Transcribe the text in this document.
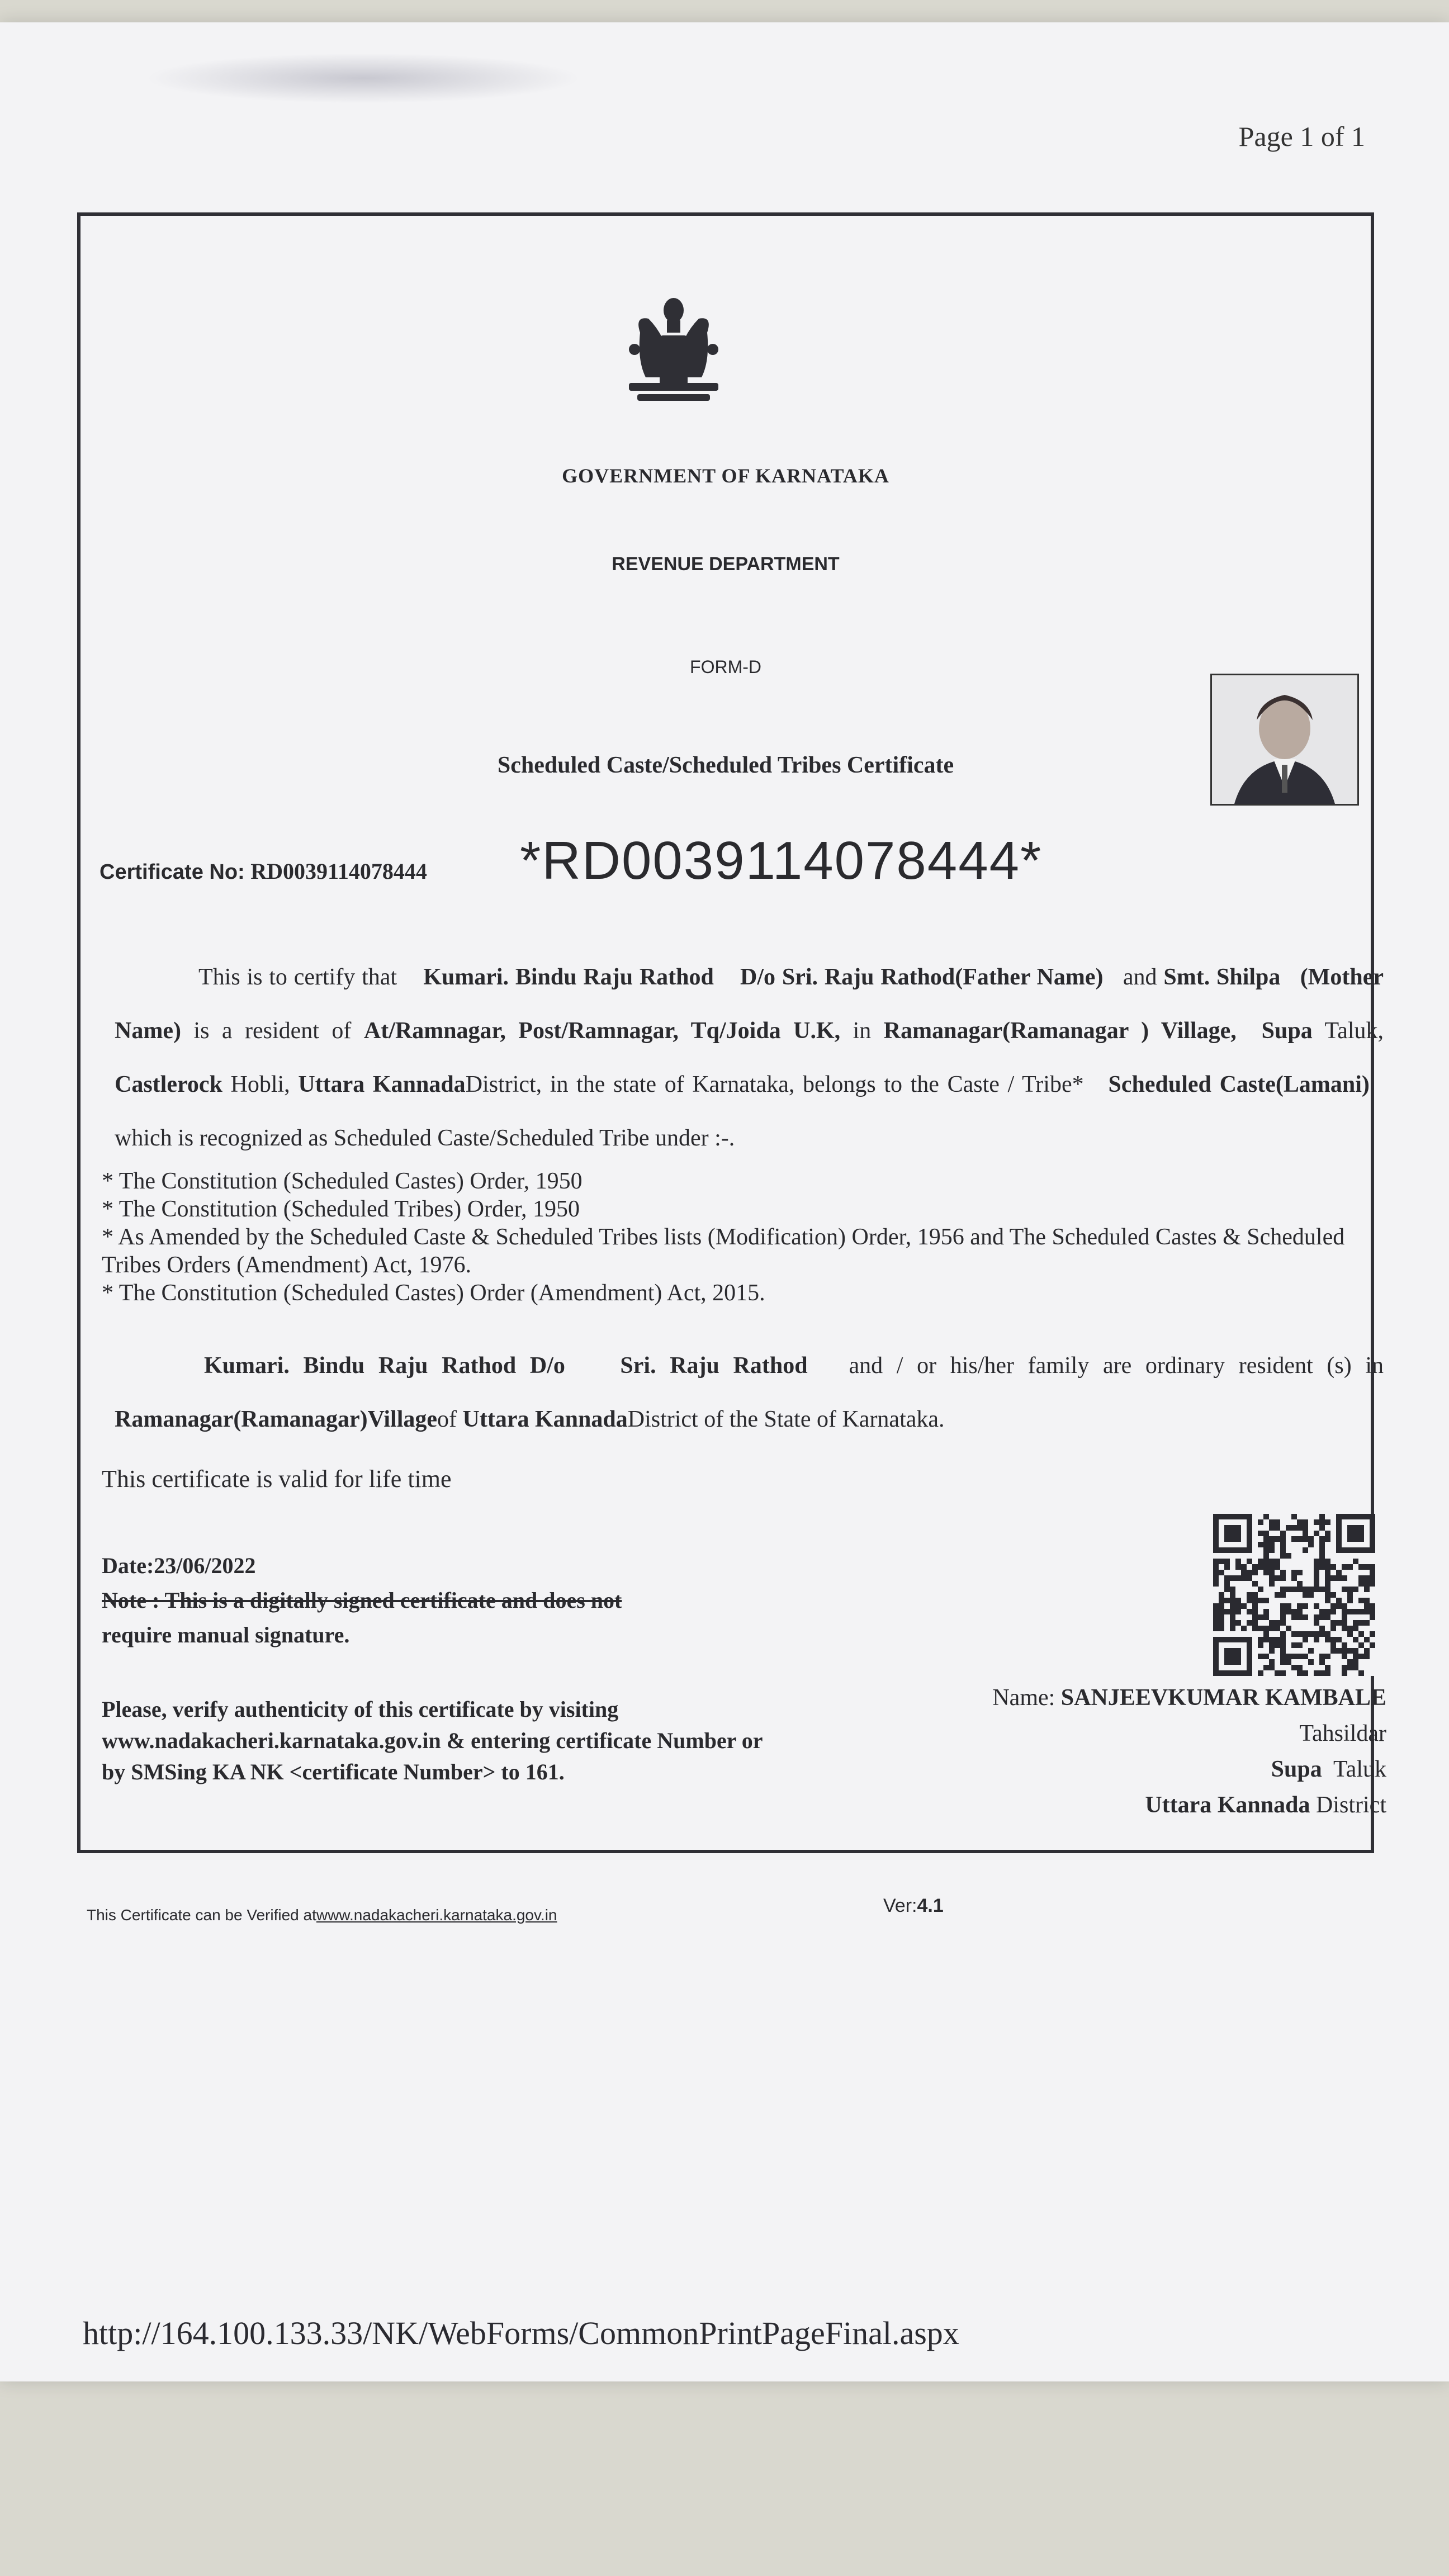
Page 1 of 1
GOVERNMENT OF KARNATAKA
REVENUE DEPARTMENT
FORM-D
Scheduled Caste/Scheduled Tribes Certificate
Certificate No: RD0039114078444 *RD0039114078444*
This is to certify that Kumari. Bindu Raju Rathod D/o Sri. Raju Rathod(Father Name) and Smt. Shilpa (Mother Name) is a resident of At/Ramnagar, Post/Ramnagar, Tq/Joida U.K, in Ramanagar(Ramanagar ) Village, Supa Taluk, Castlerock Hobli, Uttara KannadaDistrict, in the state of Karnataka, belongs to the Caste / Tribe* Scheduled Caste(Lamani)   which is recognized as Scheduled Caste/Scheduled Tribe under :-.
* The Constitution (Scheduled Castes) Order, 1950
* The Constitution (Scheduled Tribes) Order, 1950
* As Amended by the Scheduled Caste & Scheduled Tribes lists (Modification) Order, 1956 and The Scheduled Castes & Scheduled Tribes Orders (Amendment) Act, 1976.
* The Constitution (Scheduled Castes) Order (Amendment) Act, 2015.
Kumari. Bindu Raju Rathod D/o Sri. Raju Rathod and / or his/her family are ordinary resident (s) in Ramanagar(Ramanagar)Villageof Uttara KannadaDistrict of the State of Karnataka.
This certificate is valid for life time
Date:23/06/2022
Note : This is a digitally signed certificate and does not
require manual signature.
Please, verify authenticity of this certificate by visiting www.nadakacheri.karnataka.gov.in & entering certificate Number or by SMSing KA NK <certificate Number> to 161.
Name: SANJEEVKUMAR KAMBALE
Tahsildar
Supa Taluk
Uttara Kannada District
This Certificate can be Verified atwww.nadakacheri.karnataka.gov.in	Ver:4.1
http://164.100.133.33/NK/WebForms/CommonPrintPageFinal.aspx
